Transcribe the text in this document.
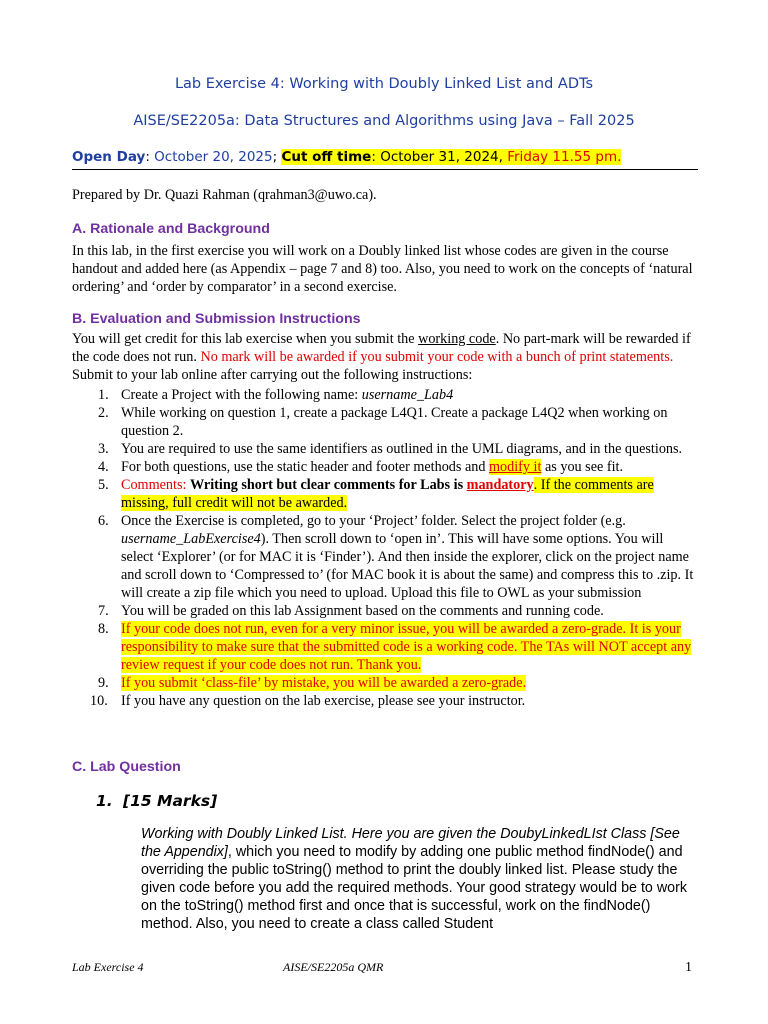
Lab Exercise 4: Working with Doubly Linked List and ADTs
AISE/SE2205a: Data Structures and Algorithms using Java – Fall 2025
Open Day: October 20, 2025; Cut off time: October 31, 2024, Friday 11.55 pm.
Prepared by Dr. Quazi Rahman (qrahman3@uwo.ca).
A. Rationale and Background
In this lab, in the first exercise you will work on a Doubly linked list whose codes are given in the course handout and added here (as Appendix – page 7 and 8) too. Also, you need to work on the concepts of ‘natural ordering’ and ‘order by comparator’ in a second exercise.
B. Evaluation and Submission Instructions
You will get credit for this lab exercise when you submit the working code. No part-mark will be rewarded if the code does not run. No mark will be awarded if you submit your code with a bunch of print statements. Submit to your lab online after carrying out the following instructions:
1. Create a Project with the following name: username_Lab4
2. While working on question 1, create a package L4Q1. Create a package L4Q2 when working on question 2.
3. You are required to use the same identifiers as outlined in the UML diagrams, and in the questions.
4. For both questions, use the static header and footer methods and modify it as you see fit.
5. Comments: Writing short but clear comments for Labs is mandatory. If the comments are missing, full credit will not be awarded.
6. Once the Exercise is completed, go to your ‘Project’ folder. Select the project folder (e.g. username_LabExercise4). Then scroll down to ‘open in’. This will have some options. You will select ‘Explorer’ (or for MAC it is ‘Finder’). And then inside the explorer, click on the project name and scroll down to ‘Compressed to’ (for MAC book it is about the same) and compress this to .zip. It will create a zip file which you need to upload. Upload this file to OWL as your submission
7. You will be graded on this lab Assignment based on the comments and running code.
8. If your code does not run, even for a very minor issue, you will be awarded a zero-grade. It is your responsibility to make sure that the submitted code is a working code. The TAs will NOT accept any review request if your code does not run. Thank you.
9. If you submit ‘class-file’ by mistake, you will be awarded a zero-grade.
10. If you have any question on the lab exercise, please see your instructor.
C. Lab Question
1. [15 Marks]
Working with Doubly Linked List. Here you are given the DoubyLinkedLIst Class [See the Appendix], which you need to modify by adding one public method findNode() and overriding the public toString() method to print the doubly linked list. Please study the given code before you add the required methods. Your good strategy would be to work on the toString() method first and once that is successful, work on the findNode() method. Also, you need to create a class called Student
Lab Exercise 4	AISE/SE2205a QMR	1
